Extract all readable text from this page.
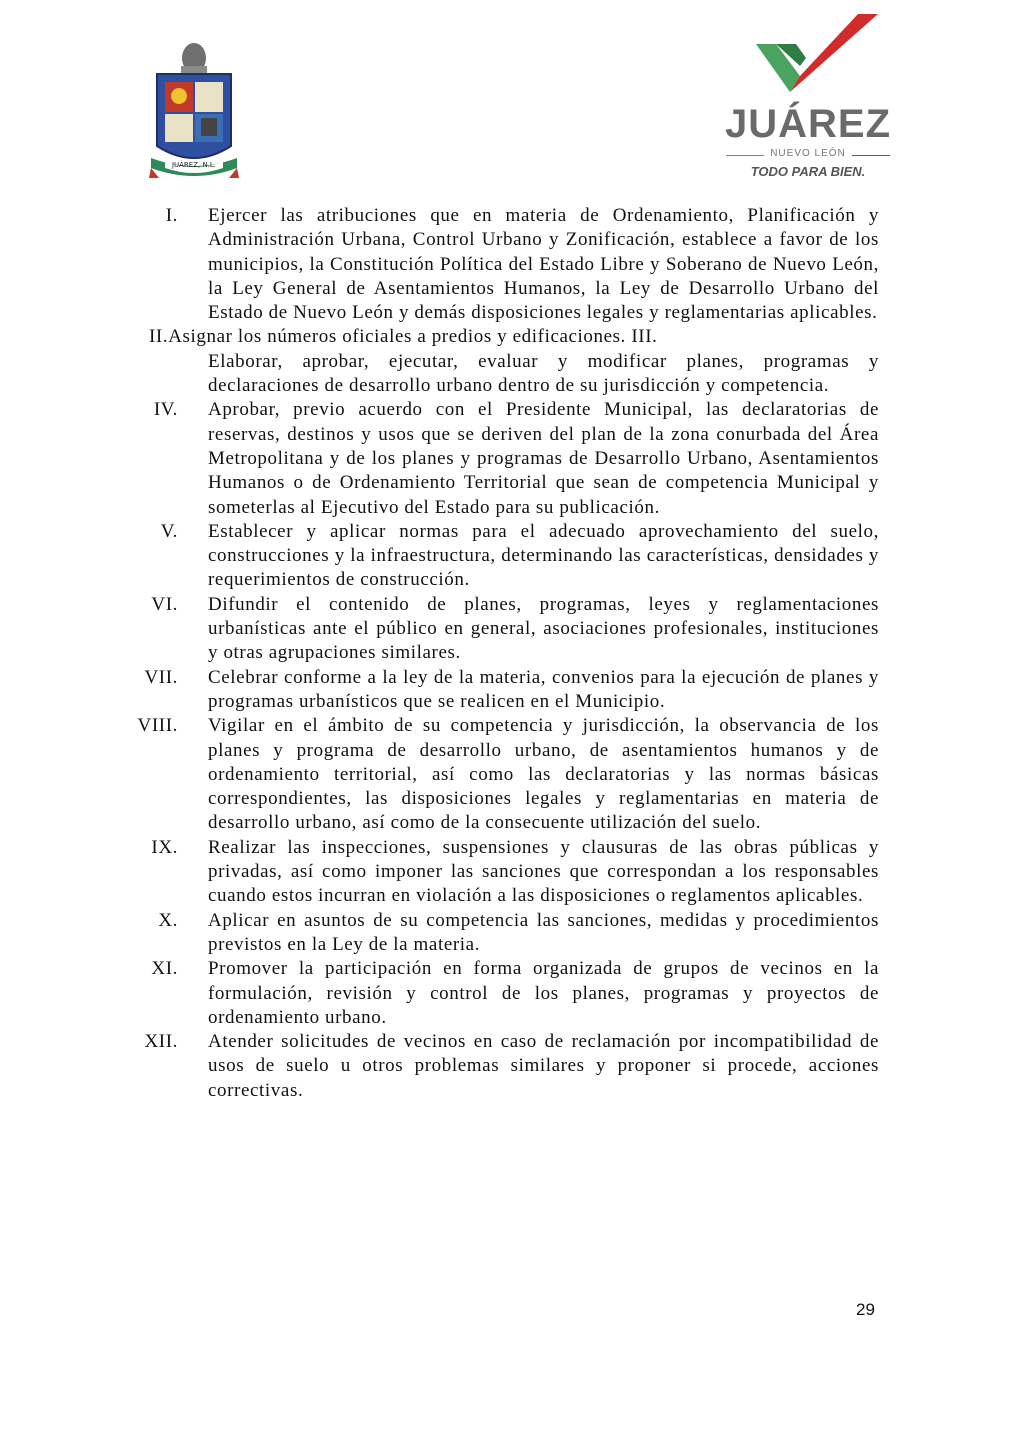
JUÁREZ, N.L.
JUÁREZ
NUEVO LEÓN
TODO PARA BIEN.
I. Ejercer las atribuciones que en materia de Ordenamiento, Planificación y Administración Urbana, Control Urbano y Zonificación, establece a favor de los municipios, la Constitución Política del Estado Libre y Soberano de Nuevo León, la Ley General de Asentamientos Humanos, la Ley de Desarrollo Urbano del Estado de Nuevo León y demás disposiciones legales y reglamentarias aplicables.
II.Asignar los números oficiales a predios y edificaciones. III.
Elaborar, aprobar, ejecutar, evaluar y modificar planes, programas y declaraciones de desarrollo urbano dentro de su jurisdicción y competencia.
IV. Aprobar, previo acuerdo con el Presidente Municipal, las declaratorias de reservas, destinos y usos que se deriven del plan de la zona conurbada del Área Metropolitana y de los planes y programas de Desarrollo Urbano, Asentamientos Humanos o de Ordenamiento Territorial que sean de competencia Municipal y someterlas al Ejecutivo del Estado para su publicación.
V. Establecer y aplicar normas para el adecuado aprovechamiento del suelo, construcciones y la infraestructura, determinando las características, densidades y requerimientos de construcción.
VI. Difundir el contenido de planes, programas, leyes y reglamentaciones urbanísticas ante el público en general, asociaciones profesionales, instituciones y otras agrupaciones similares.
VII. Celebrar conforme a la ley de la materia, convenios para la ejecución de planes y programas urbanísticos que se realicen en el Municipio.
VIII. Vigilar en el ámbito de su competencia y jurisdicción, la observancia de los planes y programa de desarrollo urbano, de asentamientos humanos y de ordenamiento territorial, así como las declaratorias y las normas básicas correspondientes, las disposiciones legales y reglamentarias en materia de desarrollo urbano, así como de la consecuente utilización del suelo.
IX. Realizar las inspecciones, suspensiones y clausuras de las obras públicas y privadas, así como imponer las sanciones que correspondan a los responsables cuando estos incurran en violación a las disposiciones o reglamentos aplicables.
X. Aplicar en asuntos de su competencia las sanciones, medidas y procedimientos previstos en la Ley de la materia.
XI. Promover la participación en forma organizada de grupos de vecinos en la formulación, revisión y control de los planes, programas y proyectos de ordenamiento urbano.
XII. Atender solicitudes de vecinos en caso de reclamación por incompatibilidad de usos de suelo u otros problemas similares y proponer si procede, acciones correctivas.
29
